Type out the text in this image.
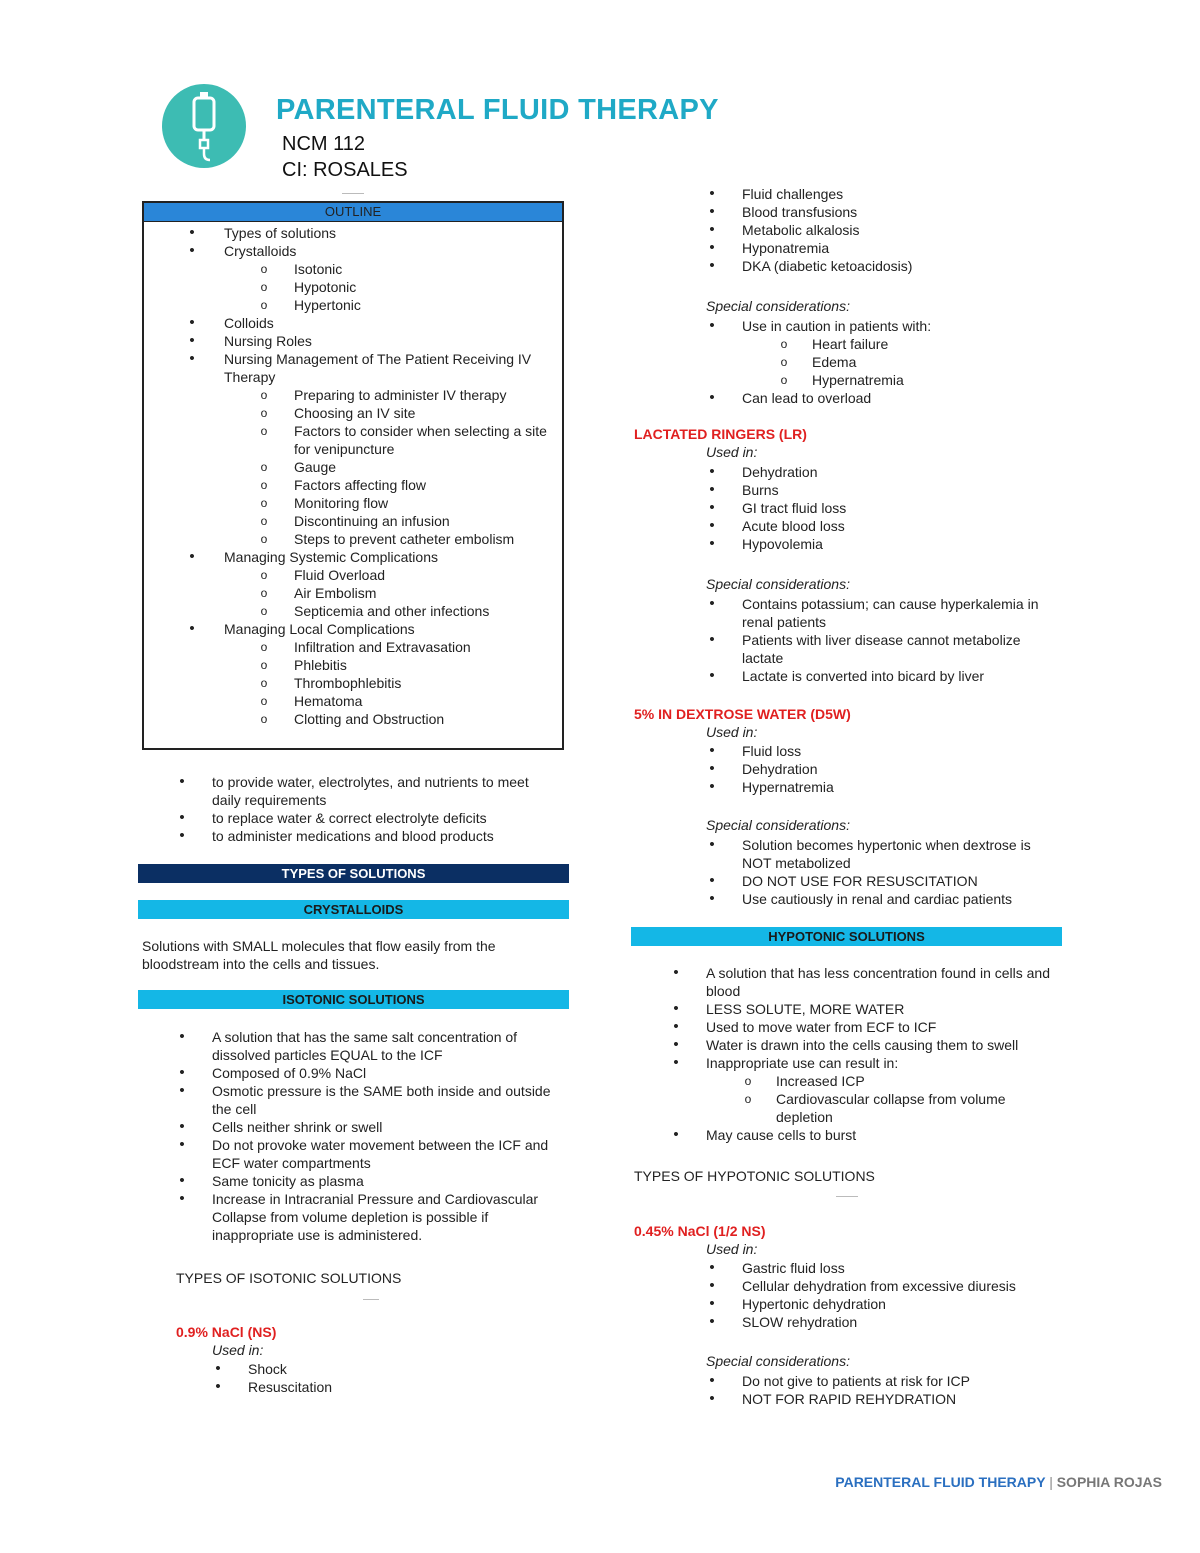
PARENTERAL FLUID THERAPY
NCM 112
CI: ROSALES
OUTLINE
•	Types of solutions
•	Crystalloids
o	Isotonic
o	Hypotonic
o	Hypertonic
•	Colloids
•	Nursing Roles
•	Nursing Management of The Patient Receiving IV Therapy
o	Preparing to administer IV therapy
o	Choosing an IV site
o	Factors to consider when selecting a site for venipuncture
o	Gauge
o	Factors affecting flow
o	Monitoring flow
o	Discontinuing an infusion
o	Steps to prevent catheter embolism
•	Managing Systemic Complications
o	Fluid Overload
o	Air Embolism
o	Septicemia and other infections
•	Managing Local Complications
o	Infiltration and Extravasation
o	Phlebitis
o	Thrombophlebitis
o	Hematoma
o	Clotting and Obstruction
•	to provide water, electrolytes, and nutrients to meet daily requirements
•	to replace water & correct electrolyte deficits
•	to administer medications and blood products
TYPES OF SOLUTIONS
CRYSTALLOIDS
Solutions with SMALL molecules that flow easily from the bloodstream into the cells and tissues.
ISOTONIC SOLUTIONS
•	A solution that has the same salt concentration of dissolved particles EQUAL to the ICF
•	Composed of 0.9% NaCl
•	Osmotic pressure is the SAME both inside and outside the cell
•	Cells neither shrink or swell
•	Do not provoke water movement between the ICF and ECF water compartments
•	Same tonicity as plasma
•	Increase in Intracranial Pressure and Cardiovascular Collapse from volume depletion is possible if inappropriate use is administered.
TYPES OF ISOTONIC SOLUTIONS
0.9% NaCl (NS)
Used in:
•	Shock
•	Resuscitation
•	Fluid challenges
•	Blood transfusions
•	Metabolic alkalosis
•	Hyponatremia
•	DKA (diabetic ketoacidosis)
Special considerations:
•	Use in caution in patients with:
o	Heart failure
o	Edema
o	Hypernatremia
•	Can lead to overload
LACTATED RINGERS (LR)
Used in:
•	Dehydration
•	Burns
•	GI tract fluid loss
•	Acute blood loss
•	Hypovolemia
Special considerations:
•	Contains potassium; can cause hyperkalemia in renal patients
•	Patients with liver disease cannot metabolize lactate
•	Lactate is converted into bicard by liver
5% IN DEXTROSE WATER (D5W)
Used in:
•	Fluid loss
•	Dehydration
•	Hypernatremia
Special considerations:
•	Solution becomes hypertonic when dextrose is NOT metabolized
•	DO NOT USE FOR RESUSCITATION
•	Use cautiously in renal and cardiac patients
HYPOTONIC SOLUTIONS
•	A solution that has less concentration found in cells and blood
•	LESS SOLUTE, MORE WATER
•	Used to move water from ECF to ICF
•	Water is drawn into the cells causing them to swell
•	Inappropriate use can result in:
o	Increased ICP
o	Cardiovascular collapse from volume depletion
•	May cause cells to burst
TYPES OF HYPOTONIC SOLUTIONS
0.45% NaCl (1/2 NS)
Used in:
•	Gastric fluid loss
•	Cellular dehydration from excessive diuresis
•	Hypertonic dehydration
•	SLOW rehydration
Special considerations:
•	Do not give to patients at risk for ICP
•	NOT FOR RAPID REHYDRATION
PARENTERAL FLUID THERAPY | SOPHIA ROJAS
